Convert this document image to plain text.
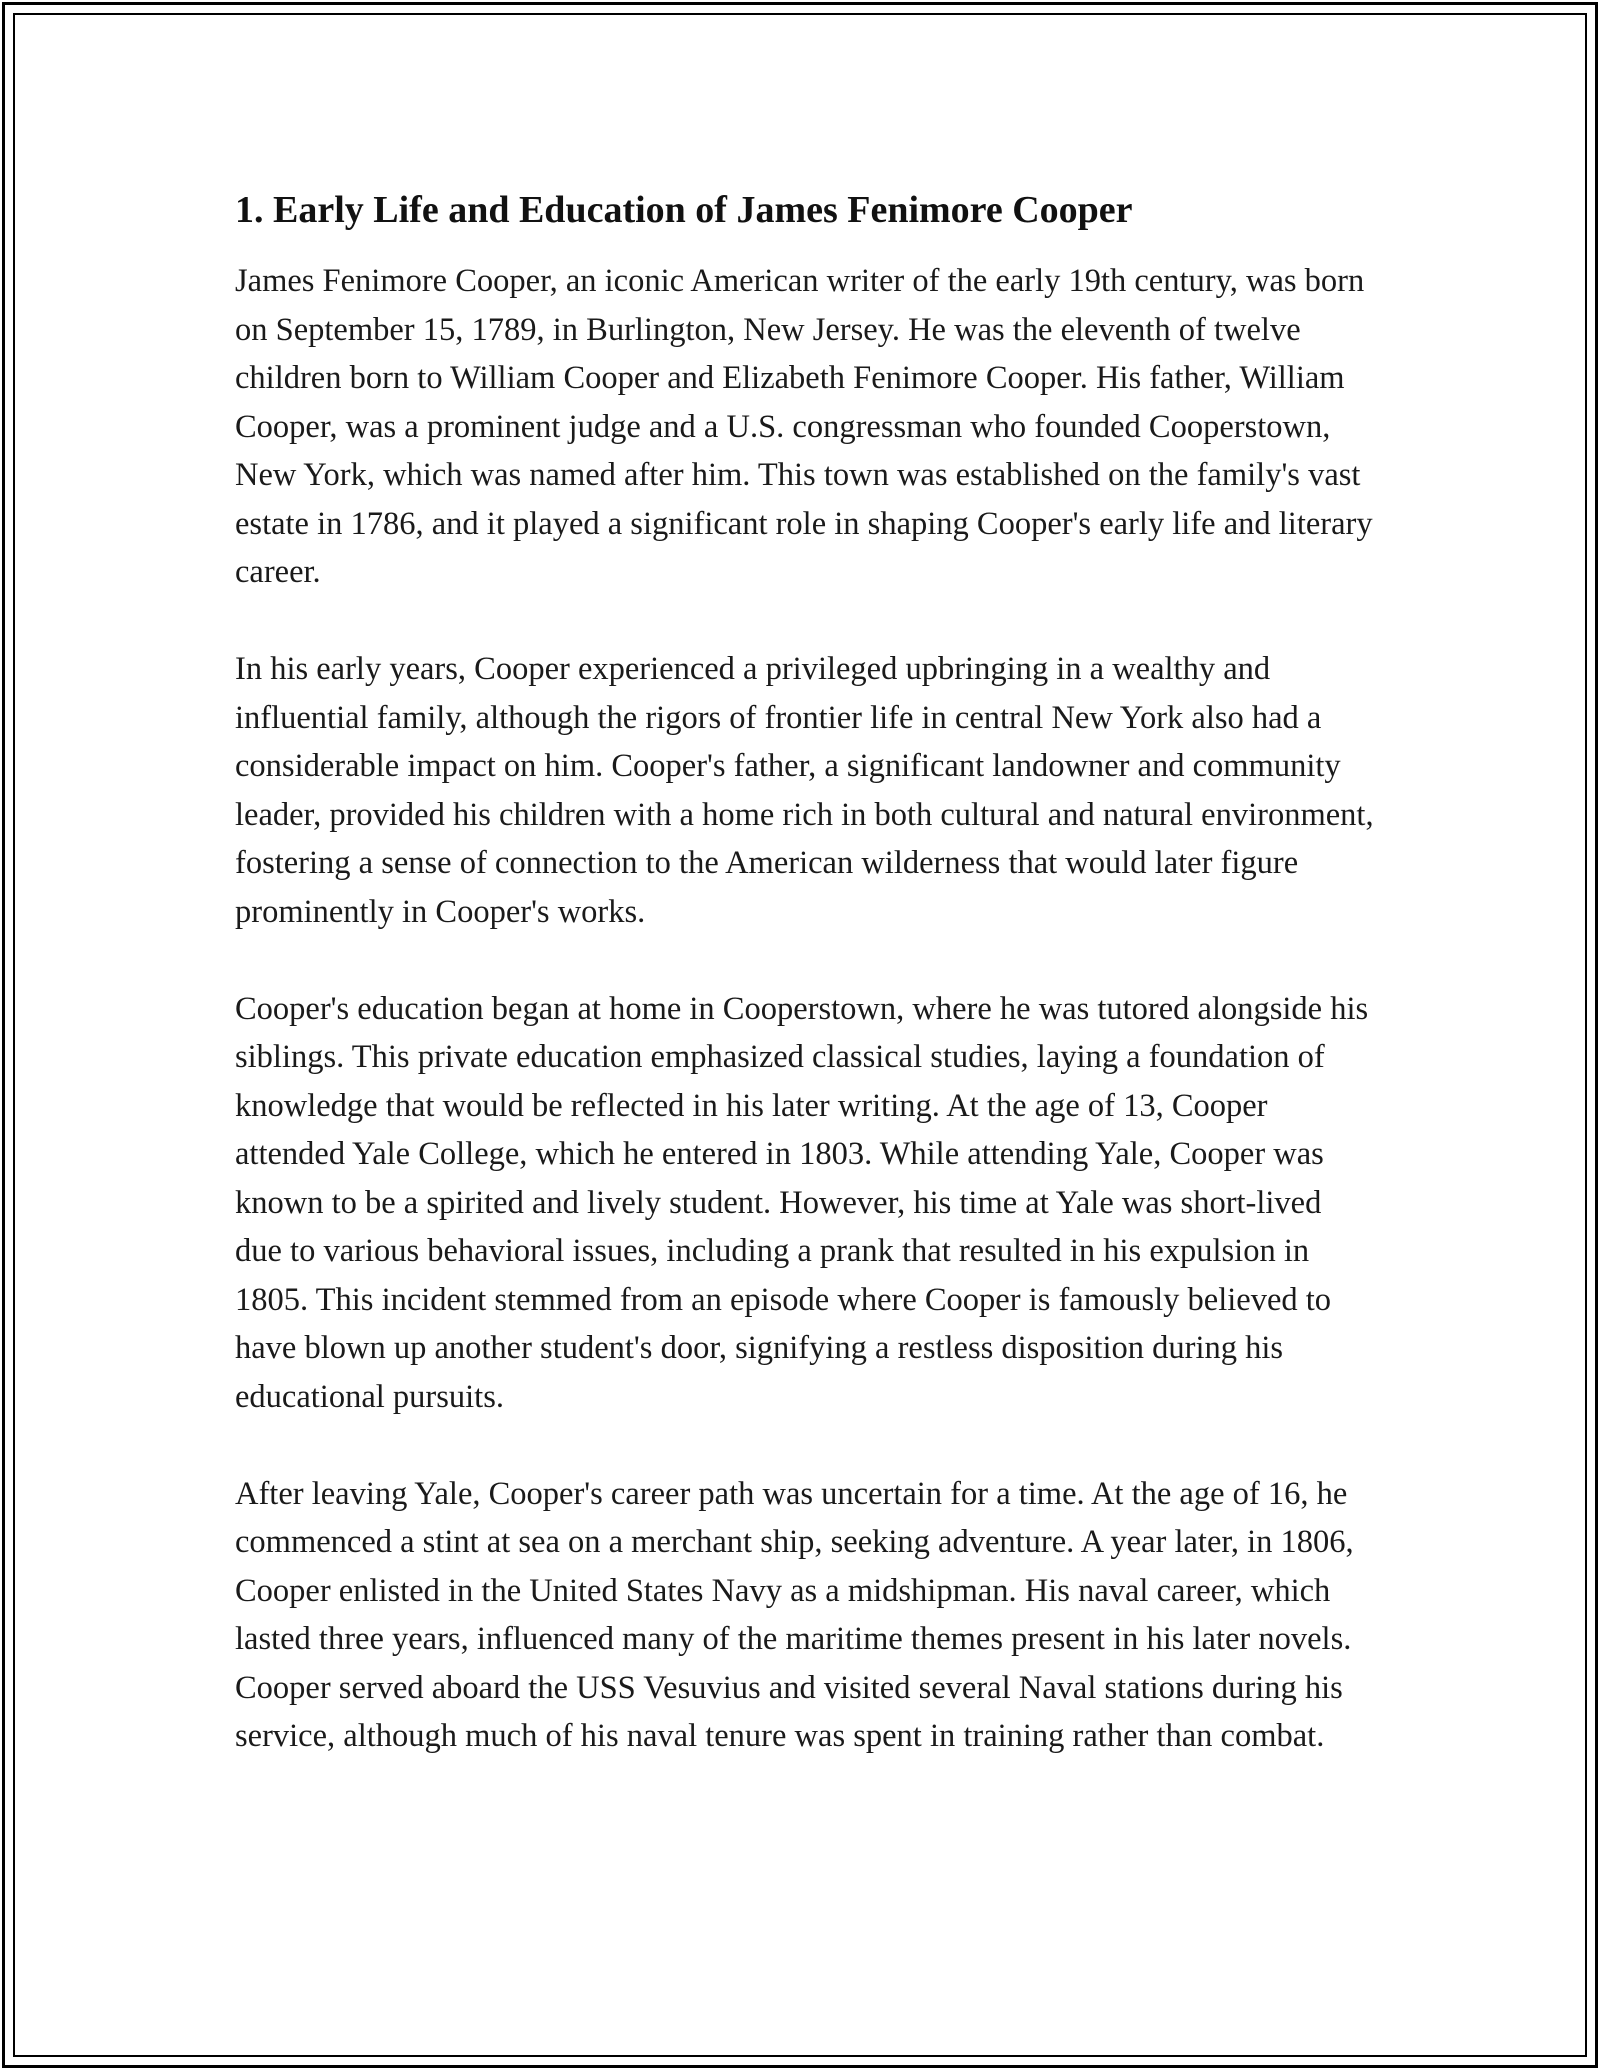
1. Early Life and Education of James Fenimore Cooper

James Fenimore Cooper, an iconic American writer of the early 19th century, was born on September 15, 1789, in Burlington, New Jersey. He was the eleventh of twelve children born to William Cooper and Elizabeth Fenimore Cooper. His father, William Cooper, was a prominent judge and a U.S. congressman who founded Cooperstown, New York, which was named after him. This town was established on the family's vast estate in 1786, and it played a significant role in shaping Cooper's early life and literary career.

In his early years, Cooper experienced a privileged upbringing in a wealthy and influential family, although the rigors of frontier life in central New York also had a considerable impact on him. Cooper's father, a significant landowner and community leader, provided his children with a home rich in both cultural and natural environment, fostering a sense of connection to the American wilderness that would later figure prominently in Cooper's works.

Cooper's education began at home in Cooperstown, where he was tutored alongside his siblings. This private education emphasized classical studies, laying a foundation of knowledge that would be reflected in his later writing. At the age of 13, Cooper attended Yale College, which he entered in 1803. While attending Yale, Cooper was known to be a spirited and lively student. However, his time at Yale was short-lived due to various behavioral issues, including a prank that resulted in his expulsion in 1805. This incident stemmed from an episode where Cooper is famously believed to have blown up another student's door, signifying a restless disposition during his educational pursuits.

After leaving Yale, Cooper's career path was uncertain for a time. At the age of 16, he commenced a stint at sea on a merchant ship, seeking adventure. A year later, in 1806, Cooper enlisted in the United States Navy as a midshipman. His naval career, which lasted three years, influenced many of the maritime themes present in his later novels. Cooper served aboard the USS Vesuvius and visited several Naval stations during his service, although much of his naval tenure was spent in training rather than combat.
